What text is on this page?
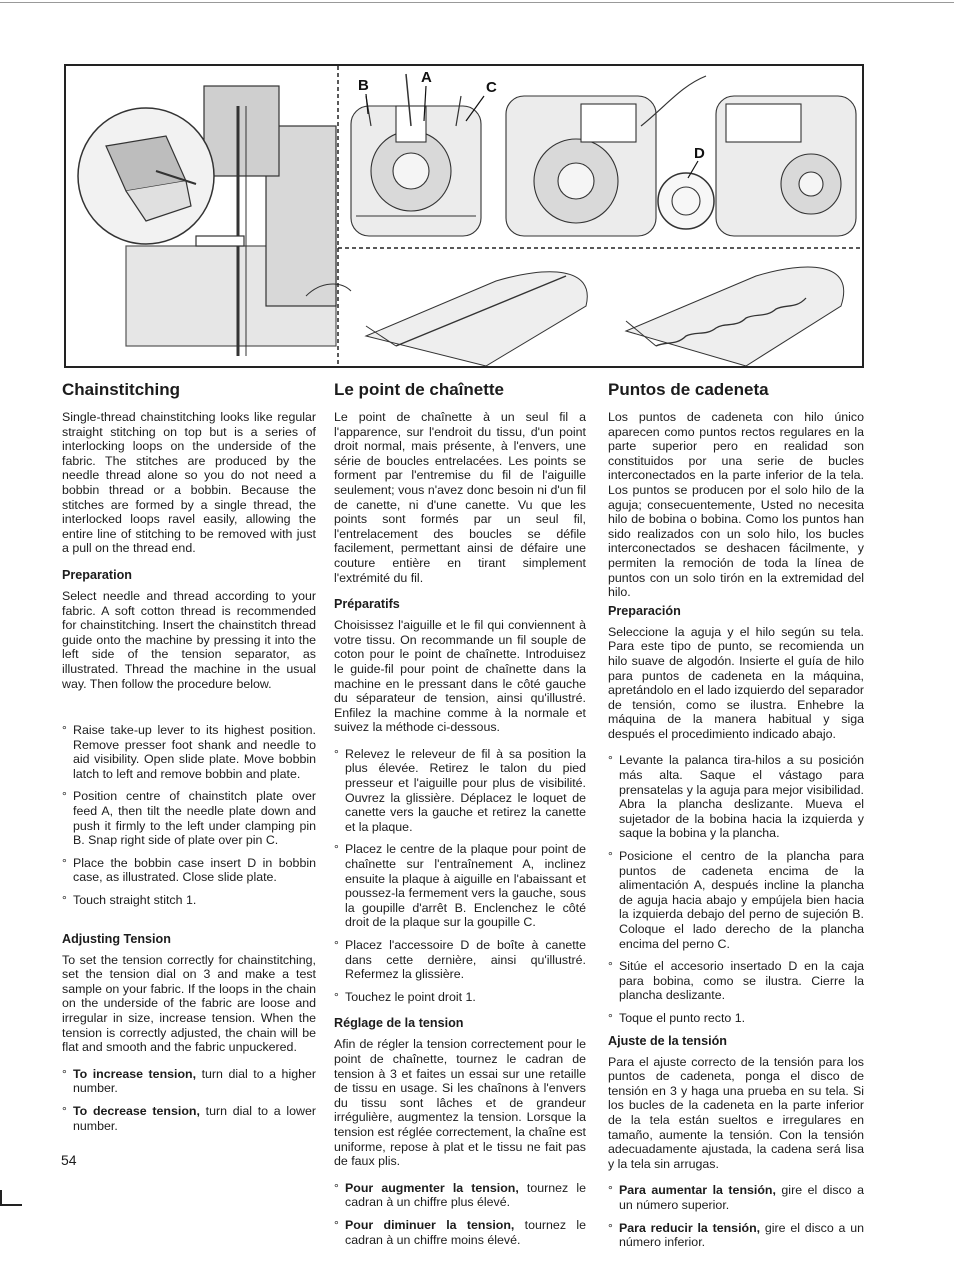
B	A
C
D
Chainstitching

Single-thread chainstitching looks like regular straight stitching on top but is a series of interlocking loops on the underside of the fabric. The stitches are produced by the needle thread alone so you do not need a bobbin thread or a bobbin. Because the stitches are formed by a single thread, the interlocked loops ravel easily, allowing the entire line of stitching to be removed with just a pull on the thread end.

Preparation

Select needle and thread according to your fabric. A soft cotton thread is recommended for chainstitching. Insert the chainstitch thread guide onto the machine by pressing it into the left side of the tension separator, as illustrated. Thread the machine in the usual way. Then follow the procedure below.

° Raise take-up lever to its highest position. Remove presser foot shank and needle to aid visibility. Open slide plate. Move bobbin latch to left and remove bobbin and plate.
° Position centre of chainstitch plate over feed A, then tilt the needle plate down and push it firmly to the left under clamping pin B. Snap right side of plate over pin C.
° Place the bobbin case insert D in bobbin case, as illustrated. Close slide plate.
° Touch straight stitch 1.
Adjusting Tension

To set the tension correctly for chainstitching, set the tension dial on 3 and make a test sample on your fabric. If the loops in the chain on the underside of the fabric are loose and irregular in size, increase tension. When the tension is correctly adjusted, the chain will be flat and smooth and the fabric unpuckered.

° To increase tension, turn dial to a higher number.
° To decrease tension, turn dial to a lower number.
Le point de chaînette

Le point de chaînette à un seul fil a l'apparence, sur l'endroit du tissu, d'un point droit normal, mais présente, à l'envers, une série de boucles entrelacées. Les points se forment par l'entremise du fil de l'aiguille seulement; vous n'avez donc besoin ni d'un fil de canette, ni d'une canette. Vu que les points sont formés par un seul fil, l'entrelacement des boucles se défile facilement, permettant ainsi de défaire une couture entière en tirant simplement l'extrémité du fil.

Préparatifs

Choisissez l'aiguille et le fil qui conviennent à votre tissu. On recommande un fil souple de coton pour le point de chaînette. Introduisez le guide-fil pour point de chaînette dans la machine en le pressant dans le côté gauche du séparateur de tension, ainsi qu'illustré. Enfilez la machine comme à la normale et suivez la méthode ci-dessous.

° Relevez le releveur de fil à sa position la plus élevée. Retirez le talon du pied presseur et l'aiguille pour plus de visibilité. Ouvrez la glissière. Déplacez le loquet de canette vers la gauche et retirez la canette et la plaque.
° Placez le centre de la plaque pour point de chaînette sur l'entraînement A, inclinez ensuite la plaque à aiguille en l'abaissant et poussez-la fermement vers la gauche, sous la goupille d'arrêt B. Enclenchez le côté droit de la plaque sur la goupille C.
° Placez l'accessoire D de boîte à canette dans cette dernière, ainsi qu'illustré. Refermez la glissière.
° Touchez le point droit 1.
Réglage de la tension

Afin de régler la tension correctement pour le point de chaînette, tournez le cadran de tension à 3 et faites un essai sur une retaille de tissu en usage. Si les chaînons à l'envers du tissu sont lâches et de grandeur irrégulière, augmentez la tension. Lorsque la tension est réglée correctement, la chaîne est uniforme, repose à plat et le tissu ne fait pas de faux plis.

° Pour augmenter la tension, tournez le cadran à un chiffre plus élevé.
° Pour diminuer la tension, tournez le cadran à un chiffre moins élevé.
Puntos de cadeneta

Los puntos de cadeneta con hilo único aparecen como puntos rectos regulares en la parte superior pero en realidad son constituidos por una serie de bucles interconectados en la parte inferior de la tela. Los puntos se producen por el solo hilo de la aguja; consecuentemente, Usted no necesita hilo de bobina o bobina. Como los puntos han sido realizados con un solo hilo, los bucles interconectados se deshacen fácilmente, y permiten la remoción de toda la línea de puntos con un solo tirón en la extremidad del hilo.

Preparación

Seleccione la aguja y el hilo según su tela. Para este tipo de punto, se recomienda un hilo suave de algodón. Insierte el guía de hilo para puntos de cadeneta en la máquina, apretándolo en el lado izquierdo del separador de tensión, como se ilustra. Enhebre la máquina de la manera habitual y siga después el procedimiento indicado abajo.

° Levante la palanca tira-hilos a su posición más alta. Saque el vástago para prensatelas y la aguja para mejor visibilidad. Abra la plancha deslizante. Mueva el sujetador de la bobina hacia la izquierda y saque la bobina y la plancha.
° Posicione el centro de la plancha para puntos de cadeneta encima de la alimentación A, después incline la plancha de aguja hacia abajo y empújela bien hacia la izquierda debajo del perno de sujeción B. Coloque el lado derecho de la plancha encima del perno C.
° Sitúe el accesorio insertado D en la caja para bobina, como se ilustra. Cierre la plancha deslizante.
° Toque el punto recto 1.
Ajuste de la tensión

Para el ajuste correcto de la tensión para los puntos de cadeneta, ponga el disco de tensión en 3 y haga una prueba en su tela. Si los bucles de la cadeneta en la parte inferior de la tela están sueltos e irregulares en tamaño, aumente la tensión. Con la tensión adecuadamente ajustada, la cadena será lisa y la tela sin arrugas.

° Para aumentar la tensión, gire el disco a un número superior.
° Para reducir la tensión, gire el disco a un número inferior.
54
